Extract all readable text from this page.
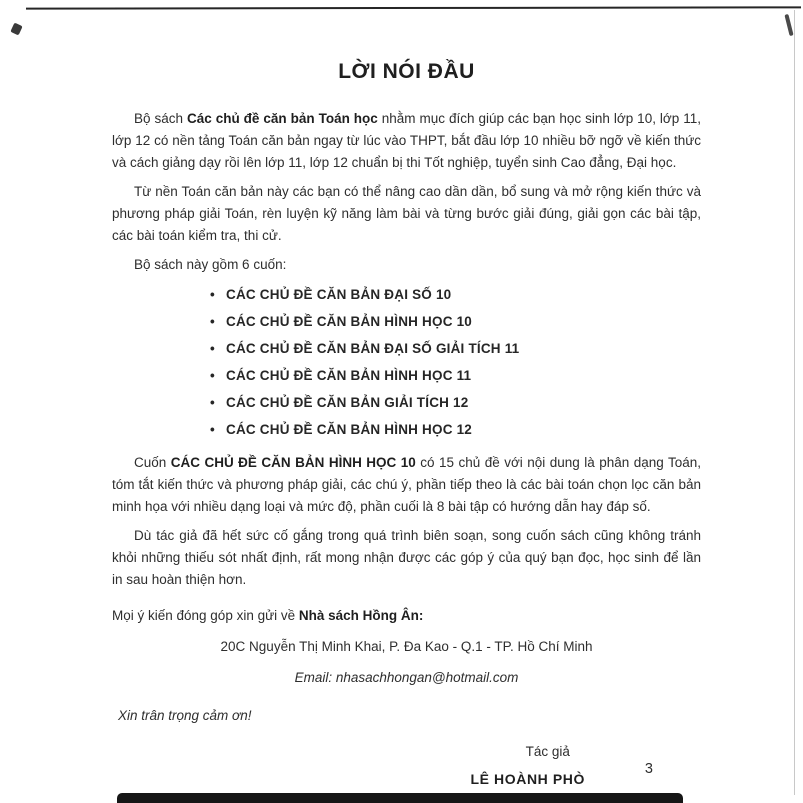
LỜI NÓI ĐẦU

Bộ sách Các chủ đề căn bản Toán học nhằm mục đích giúp các bạn học sinh lớp 10, lớp 11, lớp 12 có nền tảng Toán căn bản ngay từ lúc vào THPT, bắt đầu lớp 10 nhiều bỡ ngỡ về kiến thức và cách giảng dạy rồi lên lớp 11, lớp 12 chuẩn bị thi Tốt nghiệp, tuyển sinh Cao đẳng, Đại học.

Từ nền Toán căn bản này các bạn có thể nâng cao dần dần, bổ sung và mở rộng kiến thức và phương pháp giải Toán, rèn luyện kỹ năng làm bài và từng bước giải đúng, giải gọn các bài tập, các bài toán kiểm tra, thi cử.

Bộ sách này gồm 6 cuốn:

• CÁC CHỦ ĐỀ CĂN BẢN ĐẠI SỐ 10
• CÁC CHỦ ĐỀ CĂN BẢN HÌNH HỌC 10
• CÁC CHỦ ĐỀ CĂN BẢN ĐẠI SỐ GIẢI TÍCH 11
• CÁC CHỦ ĐỀ CĂN BẢN HÌNH HỌC 11
• CÁC CHỦ ĐỀ CĂN BẢN GIẢI TÍCH 12
• CÁC CHỦ ĐỀ CĂN BẢN HÌNH HỌC 12

Cuốn CÁC CHỦ ĐỀ CĂN BẢN HÌNH HỌC 10 có 15 chủ đề với nội dung là phân dạng Toán, tóm tắt kiến thức và phương pháp giải, các chú ý, phần tiếp theo là các bài toán chọn lọc căn bản minh họa với nhiều dạng loại và mức độ, phần cuối là 8 bài tập có hướng dẫn hay đáp số.

Dù tác giả đã hết sức cố gắng trong quá trình biên soạn, song cuốn sách cũng không tránh khỏi những thiếu sót nhất định, rất mong nhận được các góp ý của quý bạn đọc, học sinh để lần in sau hoàn thiện hơn.

Mọi ý kiến đóng góp xin gửi về Nhà sách Hồng Ân:

20C Nguyễn Thị Minh Khai, P. Đa Kao - Q.1 - TP. Hồ Chí Minh

Email: nhasachhongan@hotmail.com

Xin trân trọng cảm ơn!

Tác giả
LÊ HOÀNH PHÒ
3
